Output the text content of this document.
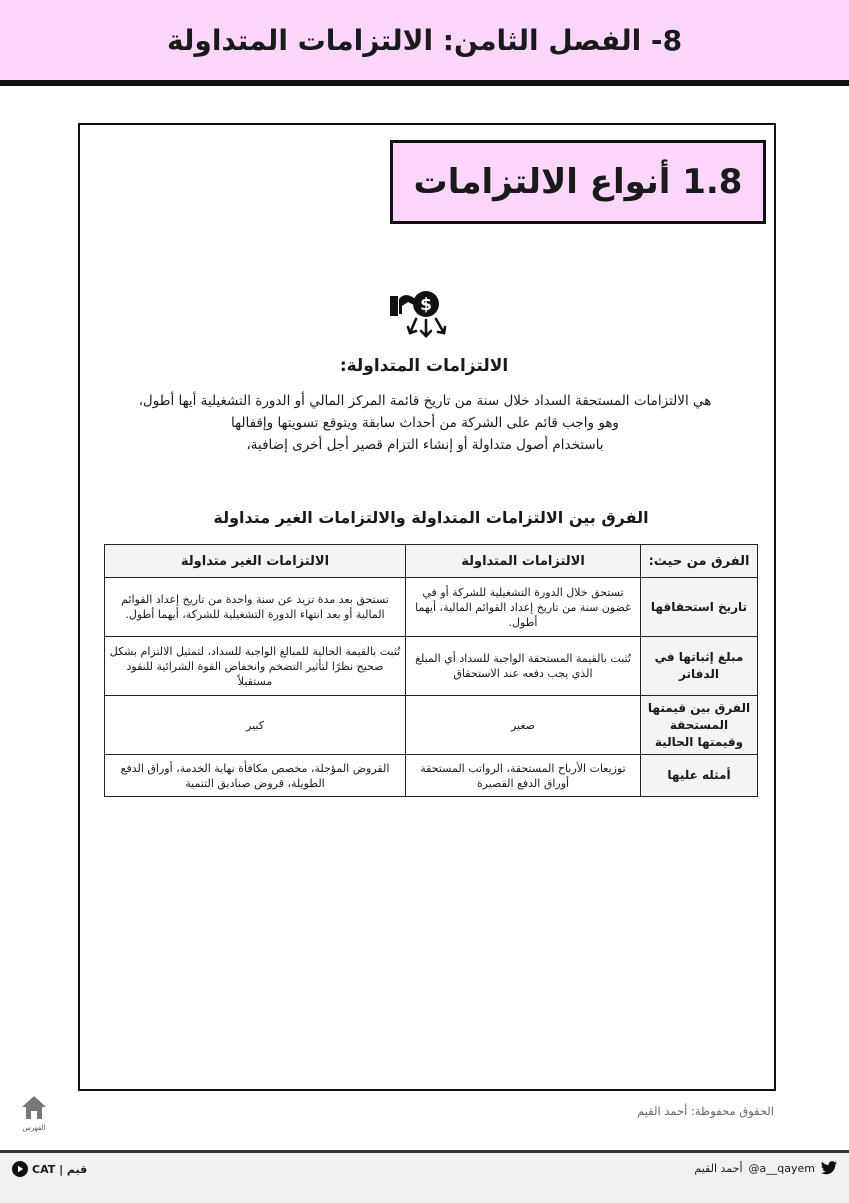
8- الفصل الثامن: الالتزامات المتداولة
1.8 أنواع الالتزامات
$
الالتزامات المتداولة:
هي الالتزامات المستحقة السداد خلال سنة من تاريخ قائمة المركز المالي أو الدورة التشغيلية أيها أطول،
وهو واجب قائم على الشركة من أحداث سابقة ويتوقع تسويتها وإقفالها
باستخدام أصول متداولة أو إنشاء التزام قصير أجل أخرى إضافية،
الفرق بين الالتزامات المتداولة والالتزامات الغير متداولة
الفرق من حيث:	الالتزامات المتداولة	الالتزامات الغير متداولة
تاريخ استحقاقها	تستحق خلال الدورة التشغيلية للشركة أو في غضون سنة من تاريخ إعداد القوائم المالية، أيهما أطول.	تستحق بعد مدة تزيد عن سنة واحدة من تاريخ إعداد القوائم المالية أو بعد انتهاء الدورة التشغيلية للشركة، أيهما أطول.
مبلغ إثباتها في الدفاتر	تُثبت بالقيمة المستحقة الواجبة للسداد أي المبلغ الذي يجب دفعه عند الاستحقاق	تُثبت بالقيمة الحالية للمبالغ الواجبة للسداد، لتمثيل الالتزام بشكل صحيح نظرًا لتأثير التضخم وانخفاض القوة الشرائية للنقود مستقبلاً
الفرق بين قيمتها المستحقة وقيمتها الحالية	صغير	كبير
أمثله عليها	توزيعات الأرباح المستحقة، الرواتب المستحقة أوراق الدفع القصيرة	القروض المؤجلة، مخصص مكافأة نهاية الخدمة، أوراق الدفع الطويلة، قروض صناديق التنمية
الفهرس
الحقوق محفوظة: أحمد القيم
CAT | قيم	أحمد القيم @a__qayem
